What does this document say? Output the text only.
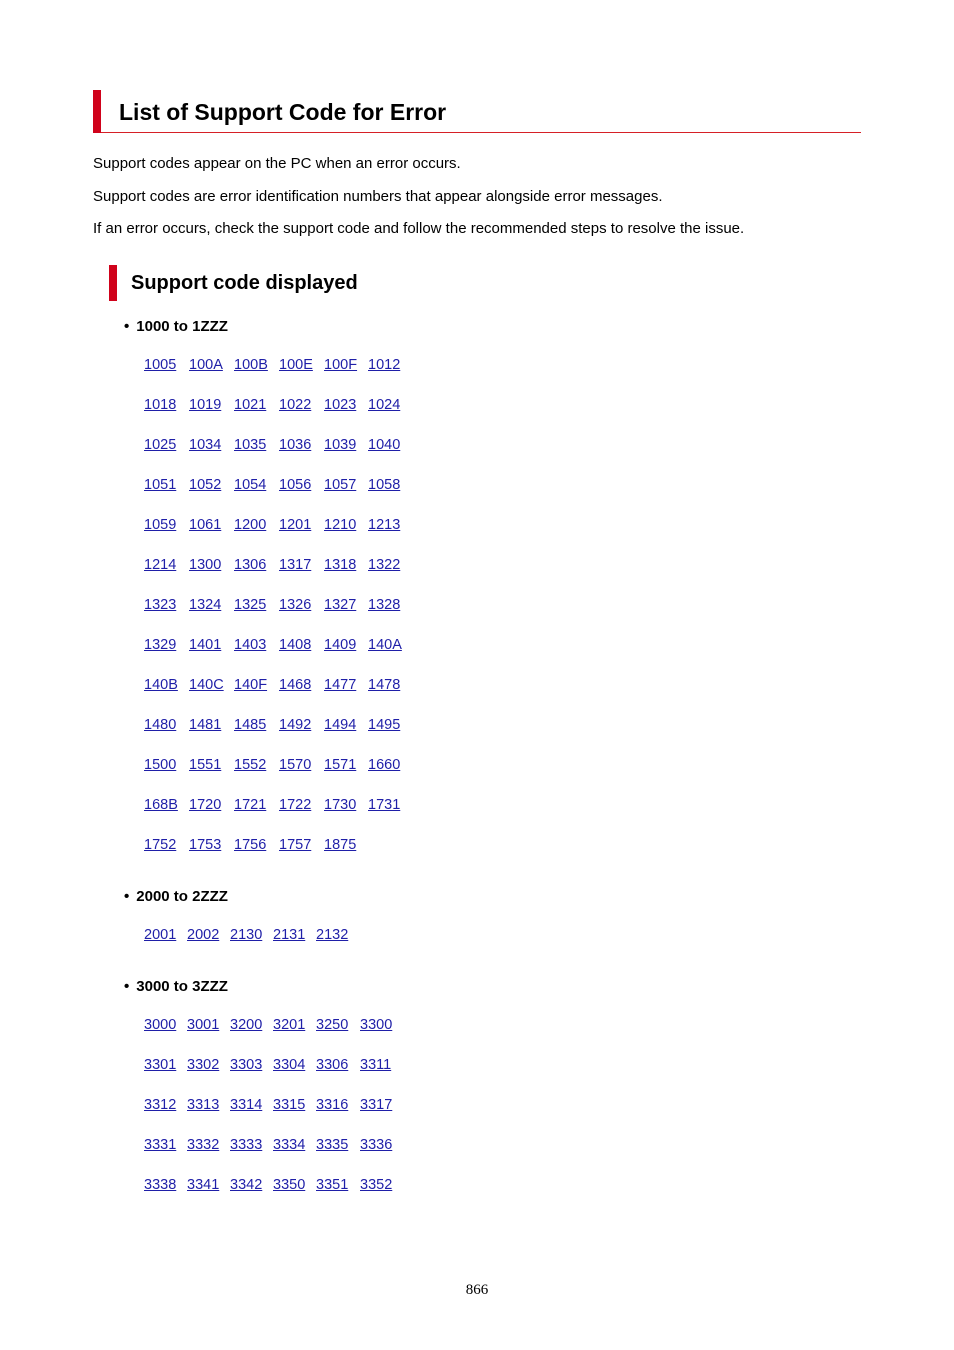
List of Support Code for Error
Support codes appear on the PC when an error occurs.
Support codes are error identification numbers that appear alongside error messages.
If an error occurs, check the support code and follow the recommended steps to resolve the issue.
Support code displayed
• 1000 to 1ZZZ
1005 100A 100B 100E 100F 1012
1018 1019 1021 1022 1023 1024
1025 1034 1035 1036 1039 1040
1051 1052 1054 1056 1057 1058
1059 1061 1200 1201 1210 1213
1214 1300 1306 1317 1318 1322
1323 1324 1325 1326 1327 1328
1329 1401 1403 1408 1409 140A
140B 140C 140F 1468 1477 1478
1480 1481 1485 1492 1494 1495
1500 1551 1552 1570 1571 1660
168B 1720 1721 1722 1730 1731
1752 1753 1756 1757 1875
• 2000 to 2ZZZ
2001 2002 2130 2131 2132
• 3000 to 3ZZZ
3000 3001 3200 3201 3250 3300
3301 3302 3303 3304 3306 3311
3312 3313 3314 3315 3316 3317
3331 3332 3333 3334 3335 3336
3338 3341 3342 3350 3351 3352
866
